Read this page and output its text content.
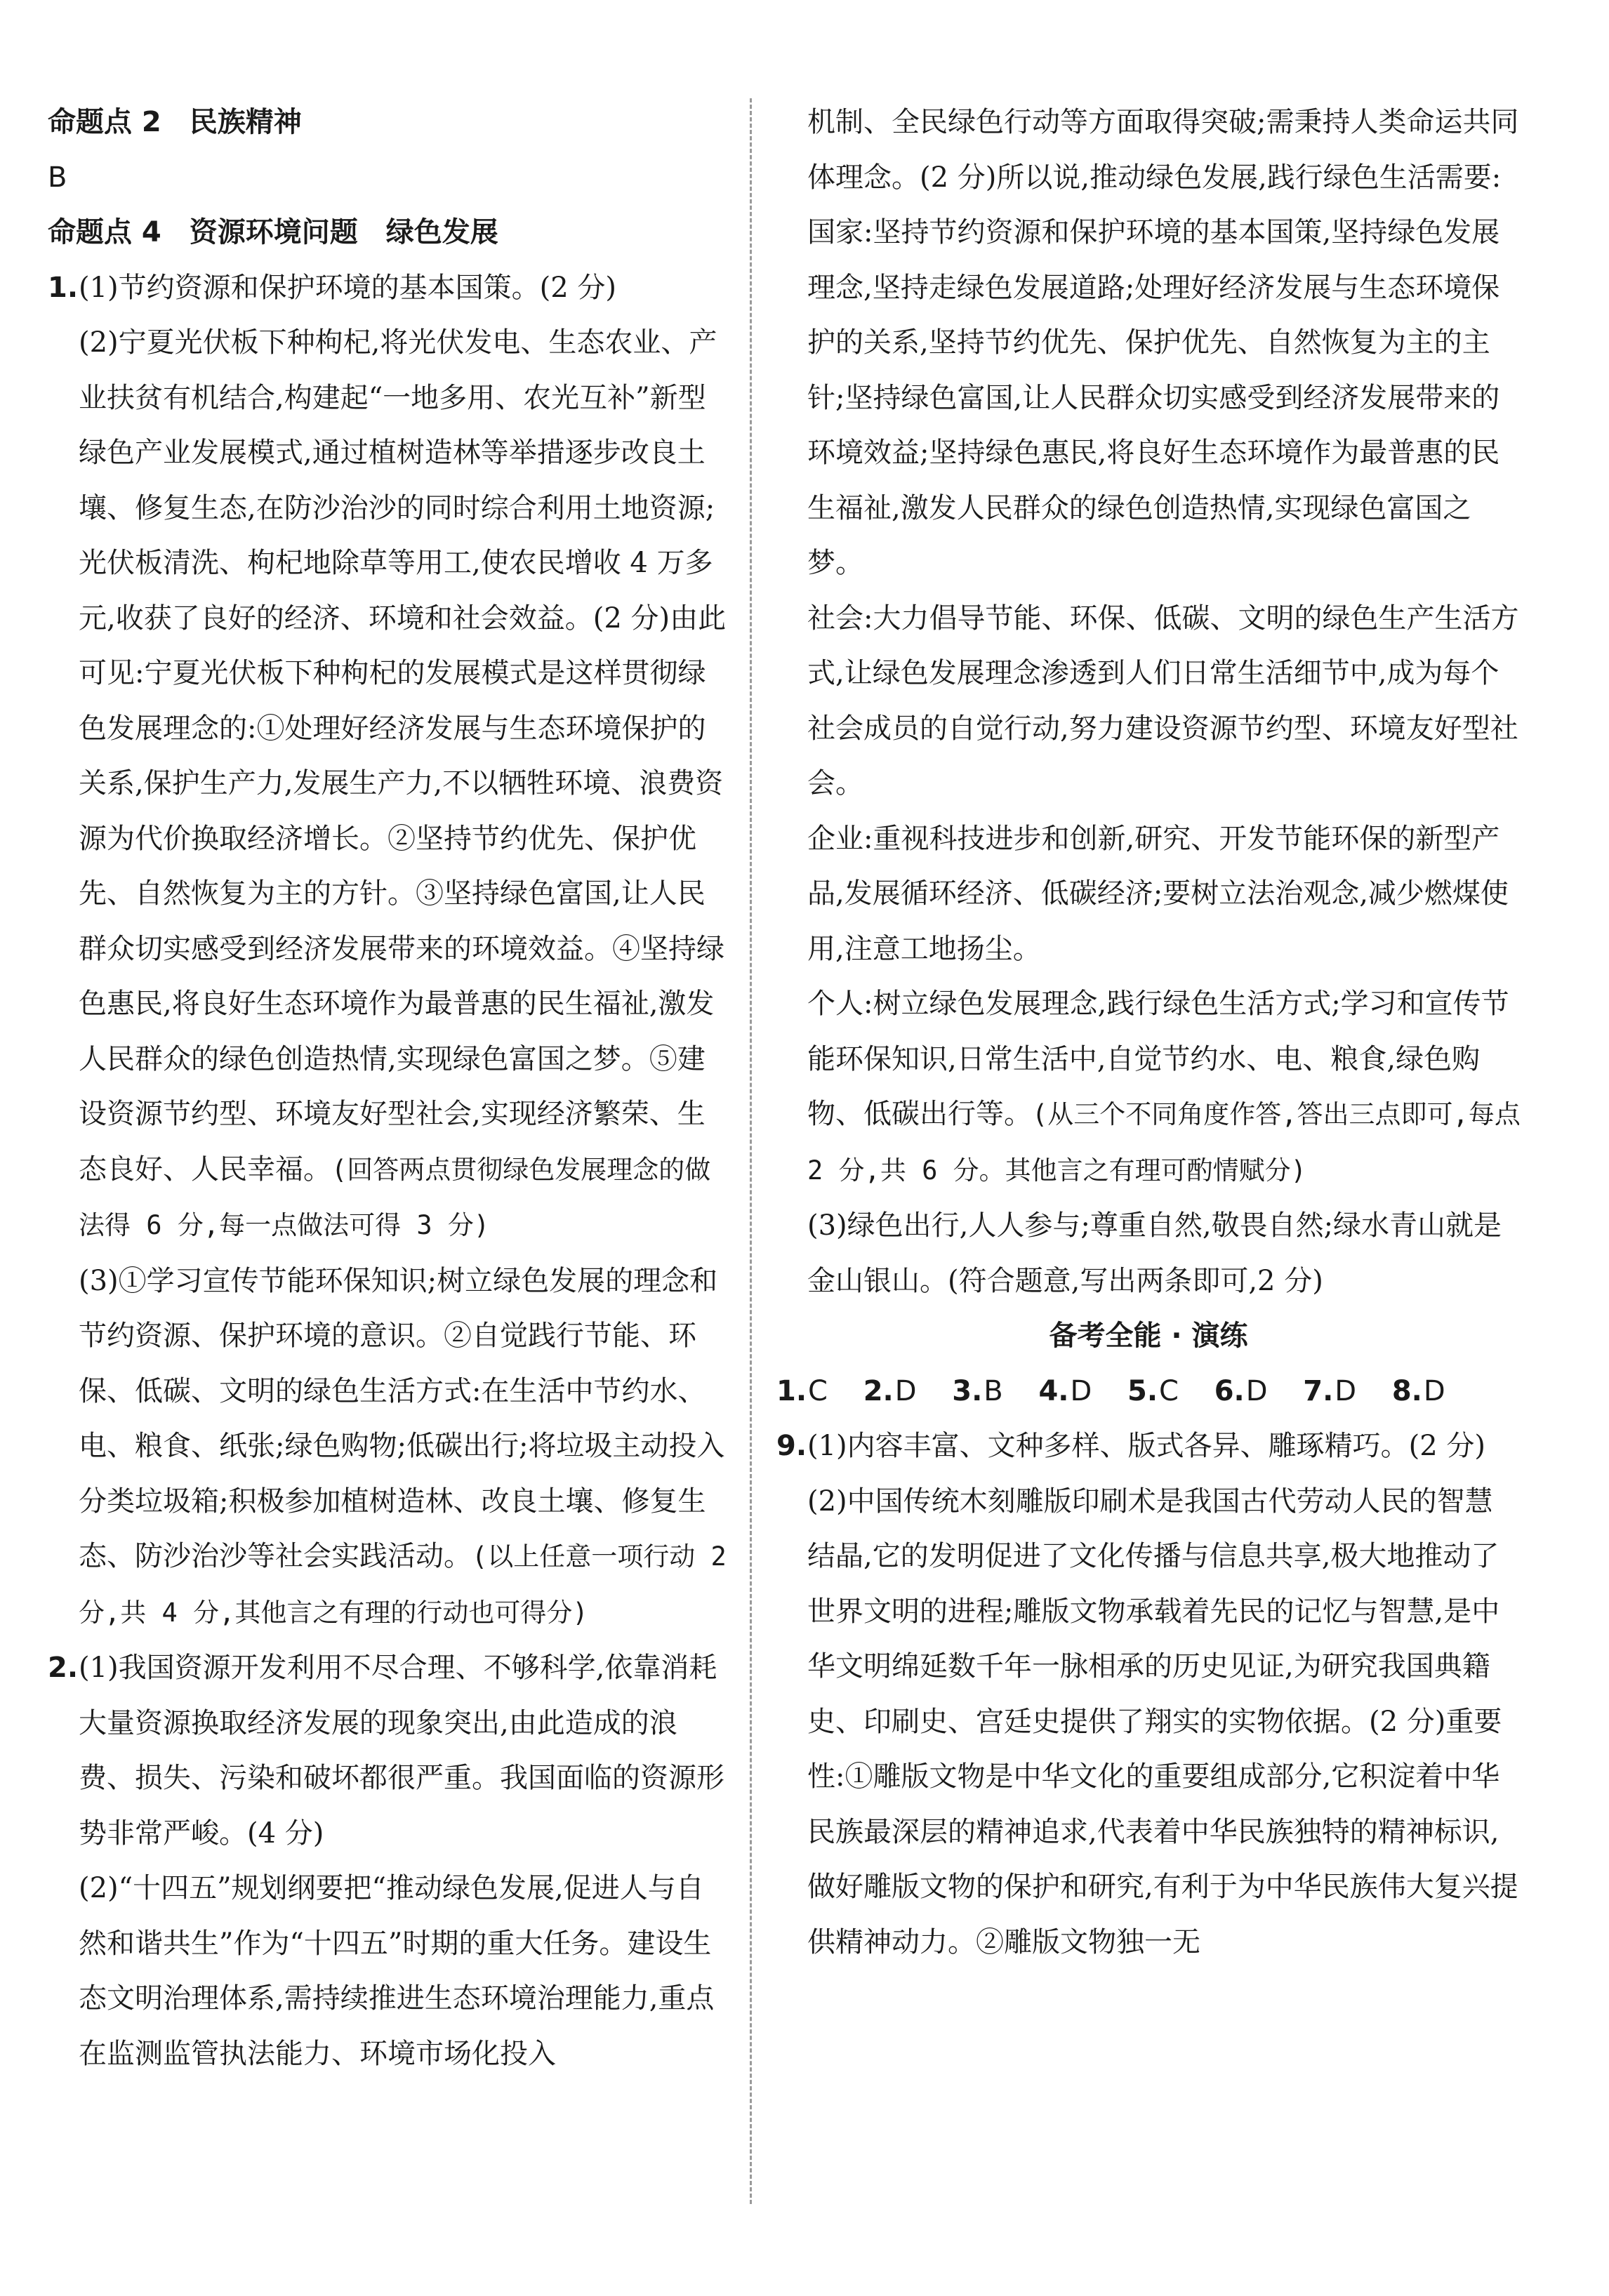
命题点 2　民族精神

B

命题点 4　资源环境问题　绿色发展

1. (1)节约资源和保护环境的基本国策。(2 分)

(2)宁夏光伏板下种枸杞,将光伏发电、生态农业、产业扶贫有机结合,构建起“一地多用、农光互补”新型绿色产业发展模式,通过植树造林等举措逐步改良土壤、修复生态,在防沙治沙的同时综合利用土地资源;光伏板清洗、枸杞地除草等用工,使农民增收 4 万多元,收获了良好的经济、环境和社会效益。(2 分)由此可见:宁夏光伏板下种枸杞的发展模式是这样贯彻绿色发展理念的:①处理好经济发展与生态环境保护的关系,保护生产力,发展生产力,不以牺牲环境、浪费资源为代价换取经济增长。②坚持节约优先、保护优先、自然恢复为主的方针。③坚持绿色富国,让人民群众切实感受到经济发展带来的环境效益。④坚持绿色惠民,将良好生态环境作为最普惠的民生福祉,激发人民群众的绿色创造热情,实现绿色富国之梦。⑤建设资源节约型、环境友好型社会,实现经济繁荣、生态良好、人民幸福。(回答两点贯彻绿色发展理念的做法得 6 分,每一点做法可得 3 分)

(3)①学习宣传节能环保知识;树立绿色发展的理念和节约资源、保护环境的意识。②自觉践行节能、环保、低碳、文明的绿色生活方式:在生活中节约水、电、粮食、纸张;绿色购物;低碳出行;将垃圾主动投入分类垃圾箱;积极参加植树造林、改良土壤、修复生态、防沙治沙等社会实践活动。(以上任意一项行动 2 分,共 4 分,其他言之有理的行动也可得分)

2. (1)我国资源开发利用不尽合理、不够科学,依靠消耗大量资源换取经济发展的现象突出,由此造成的浪费、损失、污染和破坏都很严重。我国面临的资源形势非常严峻。(4 分)

(2)“十四五”规划纲要把“推动绿色发展,促进人与自然和谐共生”作为“十四五”时期的重大任务。建设生态文明治理体系,需持续推进生态环境治理能力,重点在监测监管执法能力、环境市场化投入

机制、全民绿色行动等方面取得突破;需秉持人类命运共同体理念。(2 分)所以说,推动绿色发展,践行绿色生活需要:

国家:坚持节约资源和保护环境的基本国策,坚持绿色发展理念,坚持走绿色发展道路;处理好经济发展与生态环境保护的关系,坚持节约优先、保护优先、自然恢复为主的主针;坚持绿色富国,让人民群众切实感受到经济发展带来的环境效益;坚持绿色惠民,将良好生态环境作为最普惠的民生福祉,激发人民群众的绿色创造热情,实现绿色富国之梦。

社会:大力倡导节能、环保、低碳、文明的绿色生产生活方式,让绿色发展理念渗透到人们日常生活细节中,成为每个社会成员的自觉行动,努力建设资源节约型、环境友好型社会。

企业:重视科技进步和创新,研究、开发节能环保的新型产品,发展循环经济、低碳经济;要树立法治观念,减少燃煤使用,注意工地扬尘。

个人:树立绿色发展理念,践行绿色生活方式;学习和宣传节能环保知识,日常生活中,自觉节约水、电、粮食,绿色购物、低碳出行等。(从三个不同角度作答,答出三点即可,每点 2 分,共 6 分。其他言之有理可酌情赋分)

(3)绿色出行,人人参与;尊重自然,敬畏自然;绿水青山就是金山银山。(符合题意,写出两条即可,2 分)

备考全能 · 演练

1.C 2.D 3.B 4.D 5.C 6.D 7.D 8.D

9. (1)内容丰富、文种多样、版式各异、雕琢精巧。(2 分)

(2)中国传统木刻雕版印刷术是我国古代劳动人民的智慧结晶,它的发明促进了文化传播与信息共享,极大地推动了世界文明的进程;雕版文物承载着先民的记忆与智慧,是中华文明绵延数千年一脉相承的历史见证,为研究我国典籍史、印刷史、宫廷史提供了翔实的实物依据。(2 分)重要性:①雕版文物是中华文化的重要组成部分,它积淀着中华民族最深层的精神追求,代表着中华民族独特的精神标识,做好雕版文物的保护和研究,有利于为中华民族伟大复兴提供精神动力。②雕版文物独一无
